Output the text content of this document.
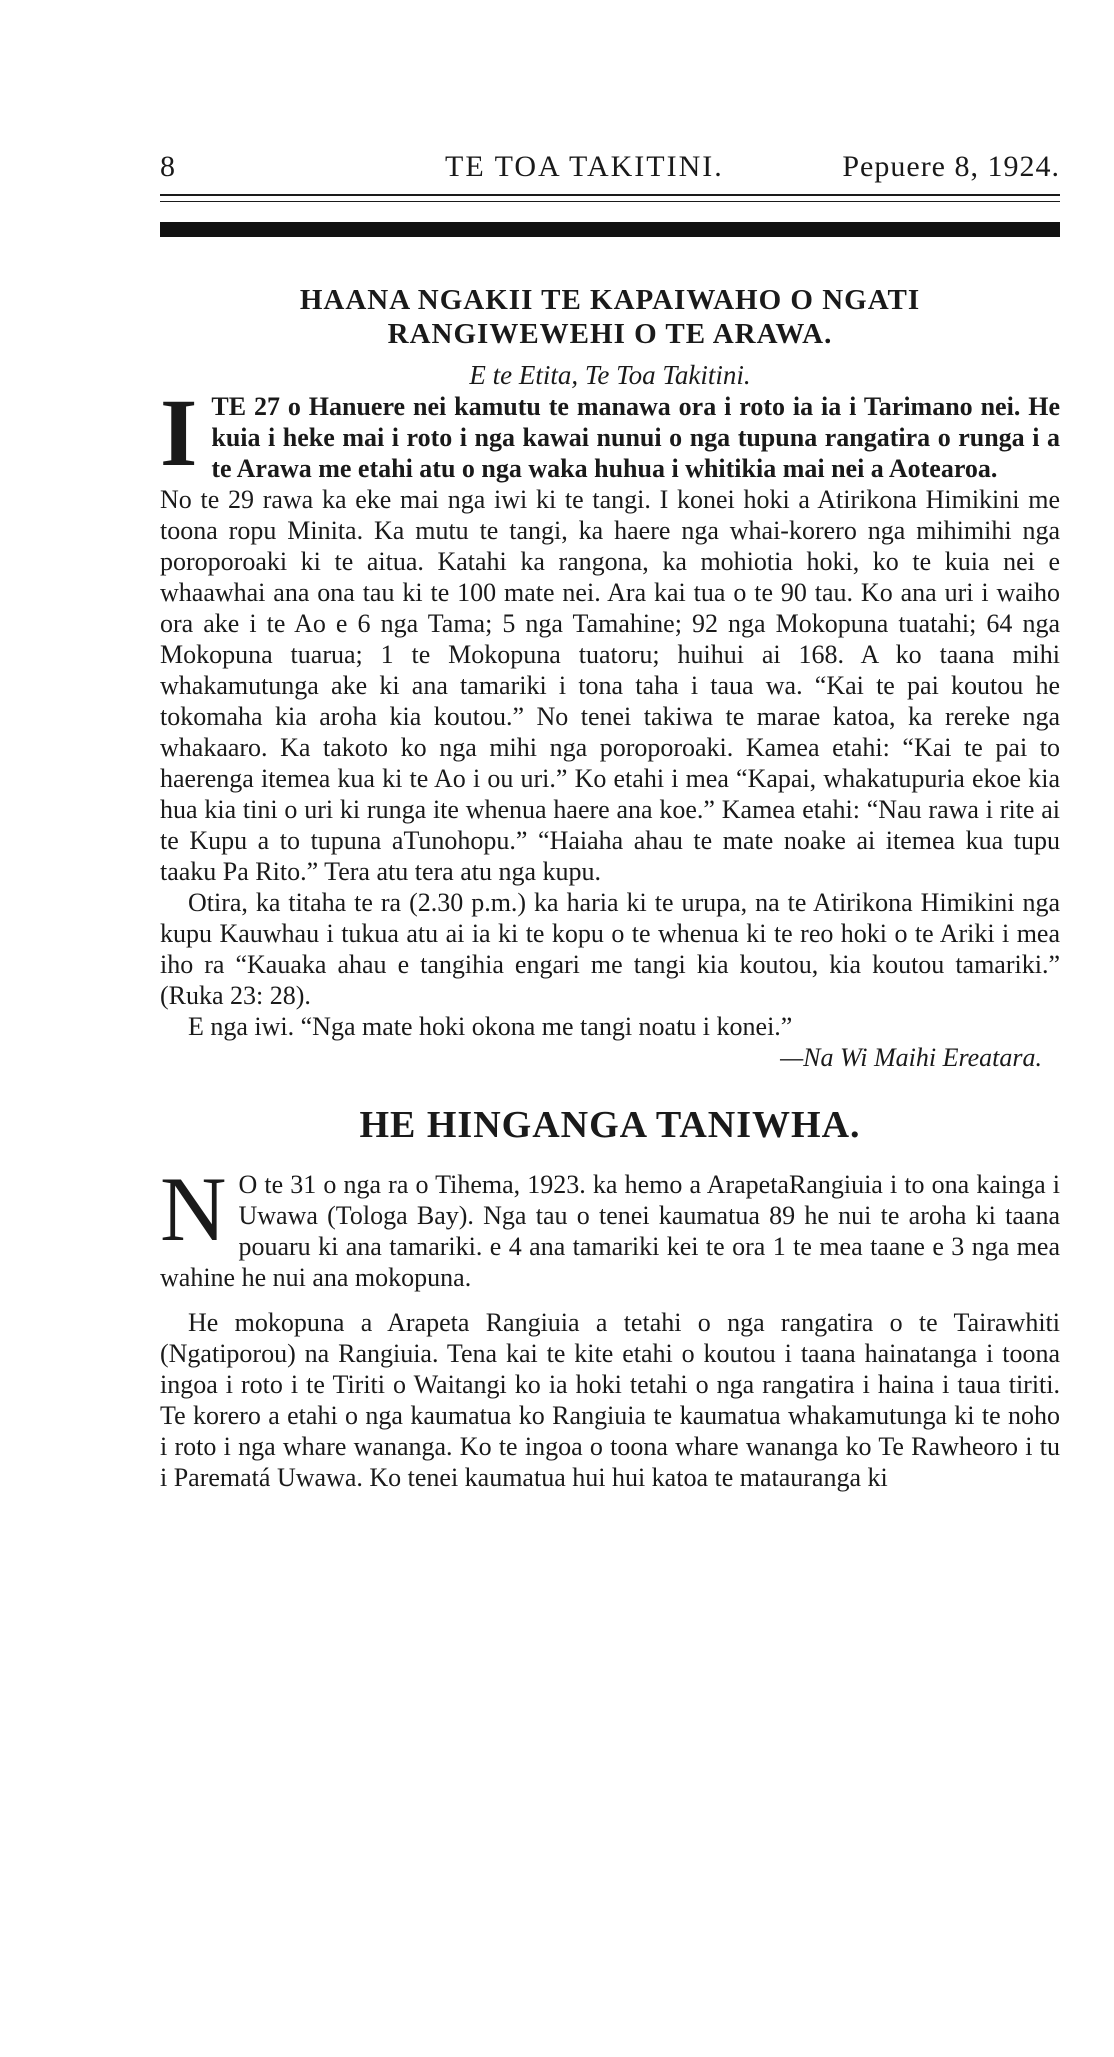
8	TE TOA TAKITINI.	Pepuere 8, 1924.
HAANA NGAKII TE KAPAIWAHO O NGATI
RANGIWEWEHI O TE ARAWA.
E te Etita, Te Toa Takitini.
I TE 27 o Hanuere nei kamutu te manawa ora i roto ia ia i Tarimano nei. He kuia i heke mai i roto i nga kawai nunui o nga tupuna rangatira o runga i a te Arawa me etahi atu o nga waka huhua i whitikia mai nei a Aotearoa.

No te 29 rawa ka eke mai nga iwi ki te tangi. I konei hoki a Atirikona Himikini me toona ropu Minita. Ka mutu te tangi, ka haere nga whai-korero nga mihimihi nga poroporoaki ki te aitua. Katahi ka rangona, ka mohiotia hoki, ko te kuia nei e whaawhai ana ona tau ki te 100 mate nei. Ara kai tua o te 90 tau. Ko ana uri i waiho ora ake i te Ao e 6 nga Tama; 5 nga Tamahine; 92 nga Mokopuna tuatahi; 64 nga Mokopuna tuarua; 1 te Mokopuna tuatoru; huihui ai 168. A ko taana mihi whakamutunga ake ki ana tamariki i tona taha i taua wa. “Kai te pai koutou he tokomaha kia aroha kia koutou.” No tenei takiwa te marae katoa, ka rereke nga whakaaro. Ka takoto ko nga mihi nga poroporoaki. Kamea etahi: “Kai te pai to haerenga itemea kua ki te Ao i ou uri.” Ko etahi i mea “Kapai, whakatupuria ekoe kia hua kia tini o uri ki runga ite whenua haere ana koe.” Kamea etahi: “Nau rawa i rite ai te Kupu a to tupuna aTunohopu.” “Haiaha ahau te mate noake ai itemea kua tupu taaku Pa Rito.” Tera atu tera atu nga kupu.

Otira, ka titaha te ra (2.30 p.m.) ka haria ki te urupa, na te Atirikona Himikini nga kupu Kauwhau i tukua atu ai ia ki te kopu o te whenua ki te reo hoki o te Ariki i mea iho ra “Kauaka ahau e tangihia engari me tangi kia koutou, kia koutou tamariki.” (Ruka 23: 28).

E nga iwi. “Nga mate hoki okona me tangi noatu i konei.”

—Na Wi Maihi Ereatara.
HE HINGANGA TANIWHA.
N O te 31 o nga ra o Tihema, 1923. ka hemo a ArapetaRangiuia i to ona kainga i Uwawa (Tologa Bay). Nga tau o tenei kaumatua 89 he nui te aroha ki taana pouaru ki ana tamariki. e 4 ana tamariki kei te ora 1 te mea taane e 3 nga mea wahine he nui ana mokopuna.

He mokopuna a Arapeta Rangiuia a tetahi o nga rangatira o te Tairawhiti (Ngatiporou) na Rangiuia. Tena kai te kite etahi o koutou i taana hainatanga i toona ingoa i roto i te Tiriti o Waitangi ko ia hoki tetahi o nga rangatira i haina i taua tiriti. Te korero a etahi o nga kaumatua ko Rangiuia te kaumatua whakamutunga ki te noho i roto i nga whare wananga. Ko te ingoa o toona whare wananga ko Te Rawheoro i tu i Parematá Uwawa. Ko tenei kaumatua hui hui katoa te matauranga ki
